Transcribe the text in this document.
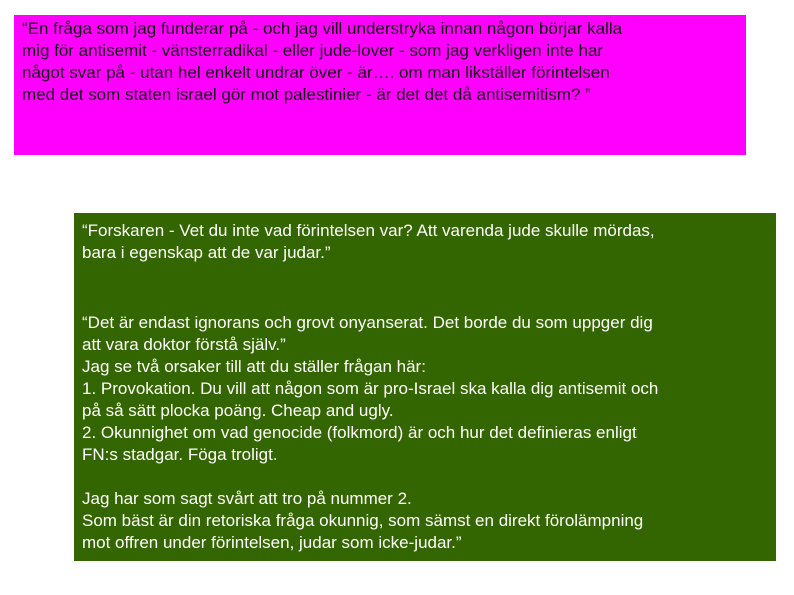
“En fråga som jag funderar på - och jag vill understryka innan någon börjar kalla
mig för antisemit - vänsterradikal - eller jude-lover - som jag verkligen inte har
något svar på - utan hel enkelt undrar över - är…. om man likställer förintelsen
med det som staten israel gör mot palestinier - är det det då antisemitism? ”
“Forskaren - Vet du inte vad förintelsen var? Att varenda jude skulle mördas,
bara i egenskap att de var judar.”
“Det är endast ignorans och grovt onyanserat. Det borde du som uppger dig
att vara doktor förstå själv.”
Jag se två orsaker till att du ställer frågan här:
1. Provokation. Du vill att någon som är pro-Israel ska kalla dig antisemit och
på så sätt plocka poäng. Cheap and ugly.
2. Okunnighet om vad genocide (folkmord) är och hur det definieras enligt
FN:s stadgar. Föga troligt.
Jag har som sagt svårt att tro på nummer 2.
Som bäst är din retoriska fråga okunnig, som sämst en direkt förolämpning
mot offren under förintelsen, judar som icke-judar.”
